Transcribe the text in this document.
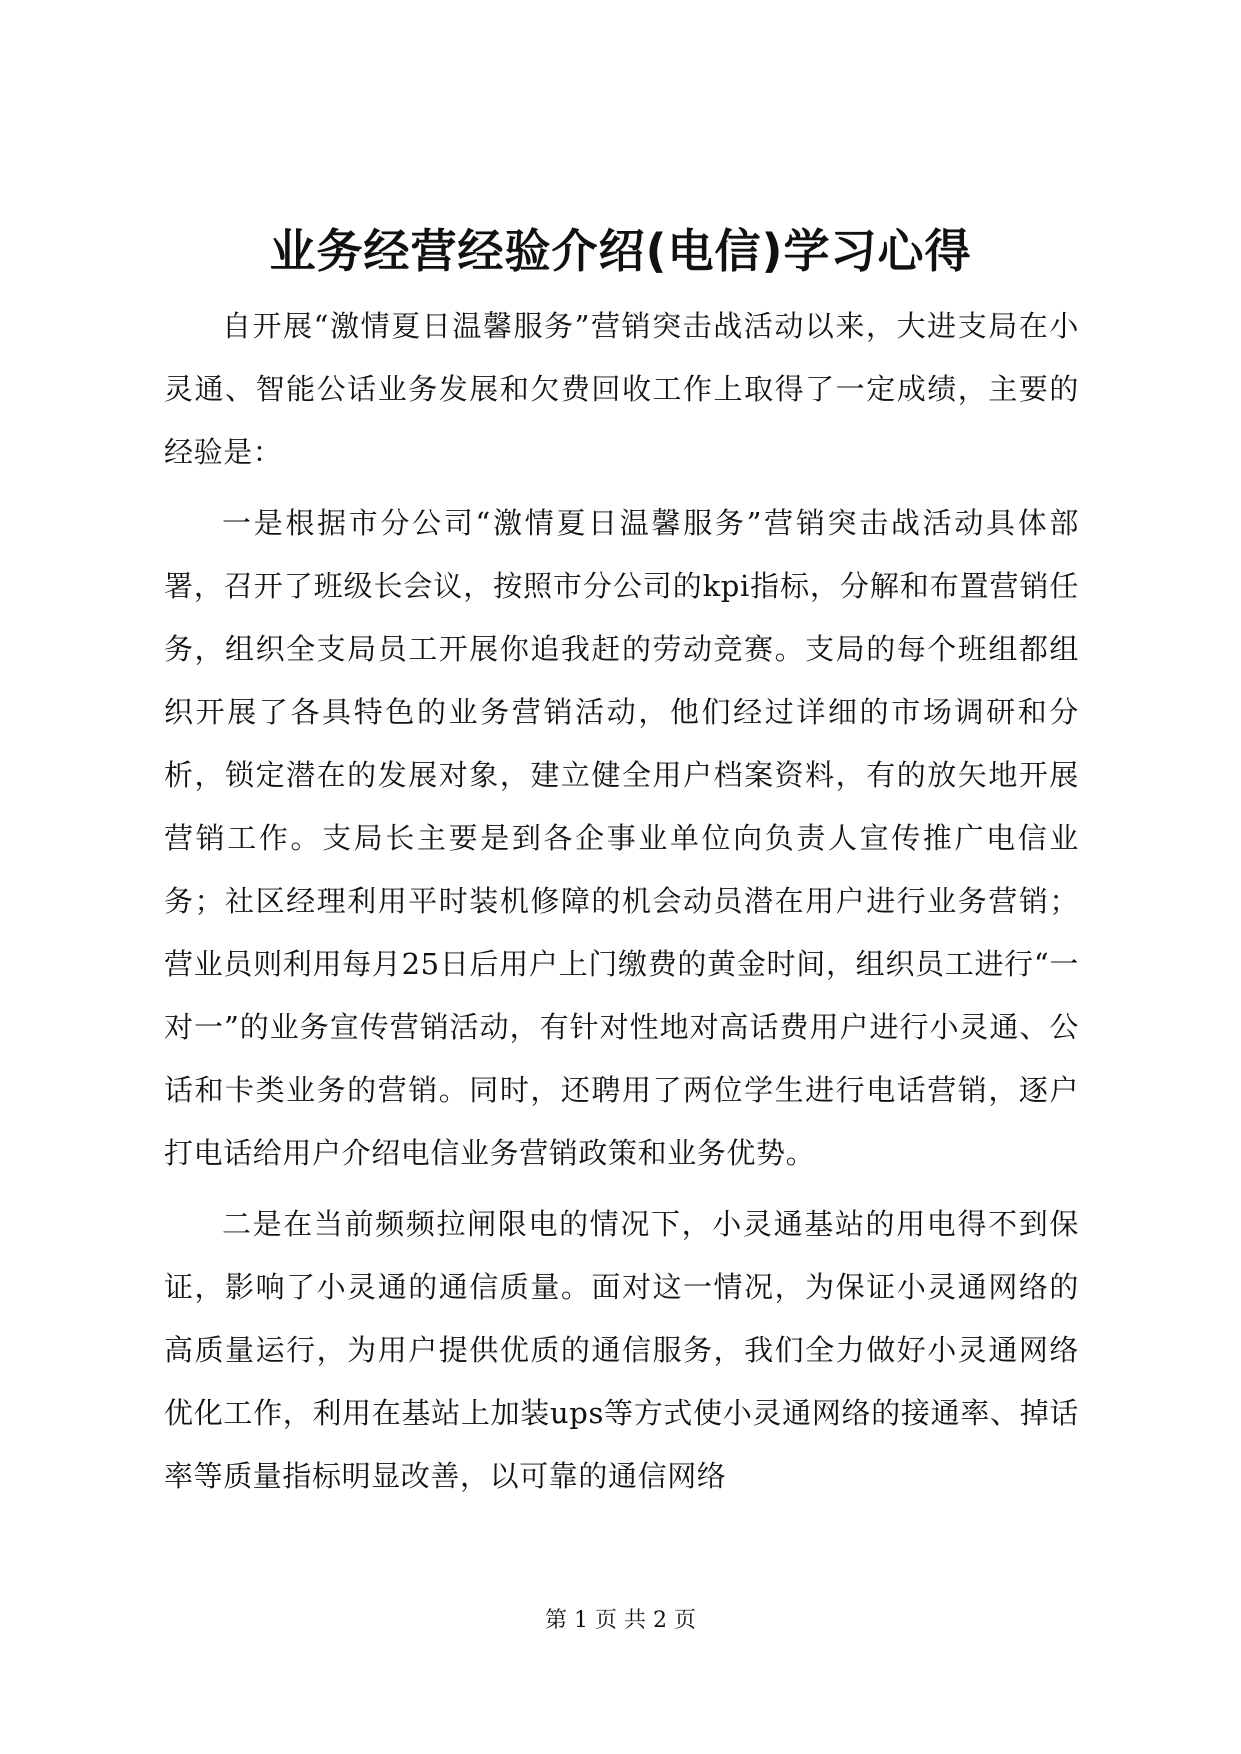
业务经营经验介绍(电信)学习心得

自开展“激情夏日温馨服务”营销突击战活动以来，大进支局在小灵通、智能公话业务发展和欠费回收工作上取得了一定成绩，主要的经验是：

一是根据市分公司“激情夏日温馨服务”营销突击战活动具体部署，召开了班级长会议，按照市分公司的kpi指标，分解和布置营销任务，组织全支局员工开展你追我赶的劳动竞赛。支局的每个班组都组织开展了各具特色的业务营销活动，他们经过详细的市场调研和分析，锁定潜在的发展对象，建立健全用户档案资料，有的放矢地开展营销工作。支局长主要是到各企事业单位向负责人宣传推广电信业务；社区经理利用平时装机修障的机会动员潜在用户进行业务营销；营业员则利用每月25日后用户上门缴费的黄金时间，组织员工进行“一对一”的业务宣传营销活动，有针对性地对高话费用户进行小灵通、公话和卡类业务的营销。同时，还聘用了两位学生进行电话营销，逐户打电话给用户介绍电信业务营销政策和业务优势。

二是在当前频频拉闸限电的情况下，小灵通基站的用电得不到保证，影响了小灵通的通信质量。面对这一情况，为保证小灵通网络的高质量运行，为用户提供优质的通信服务，我们全力做好小灵通网络优化工作，利用在基站上加装ups等方式使小灵通网络的接通率、掉话率等质量指标明显改善，以可靠的通信网络

第 1 页 共 2 页
